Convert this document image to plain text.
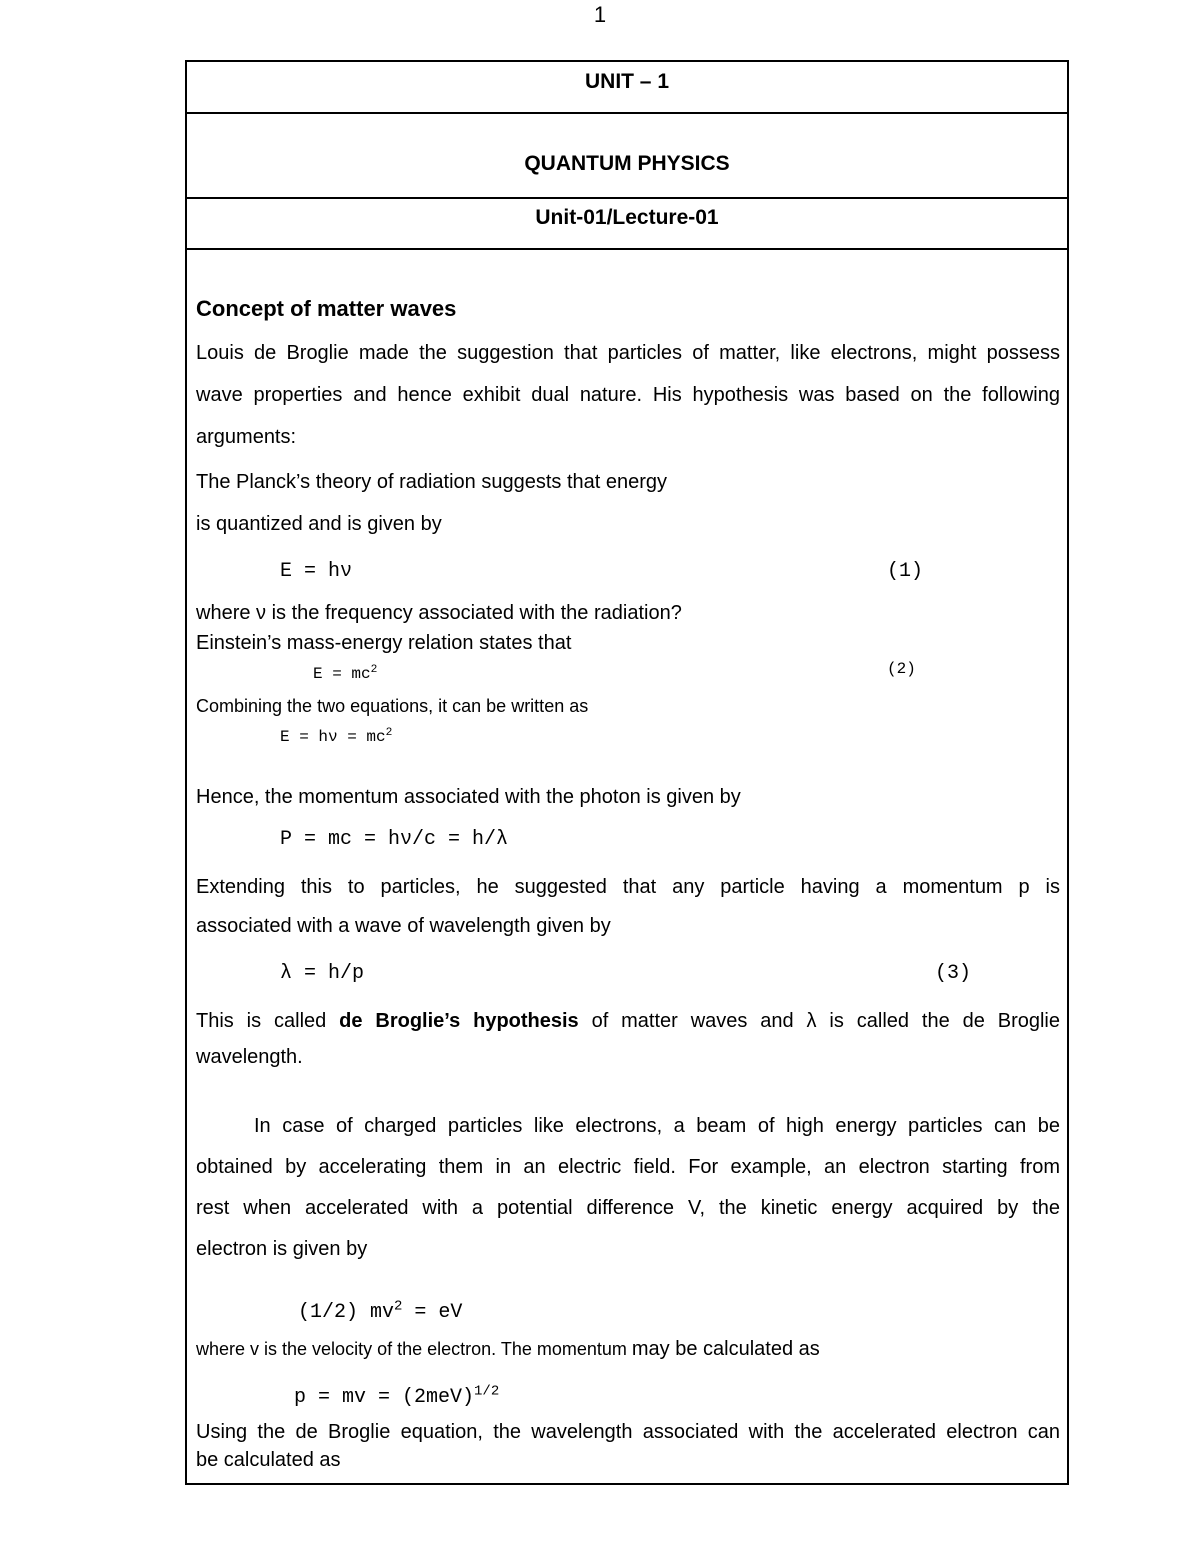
1
UNIT – 1
QUANTUM PHYSICS
Unit-01/Lecture-01
Concept of matter waves
Louis de Broglie made the suggestion that particles of matter, like electrons, might possess
wave properties and hence exhibit dual nature. His hypothesis was based on the following
arguments:
The Planck’s theory of radiation suggests that energy
is quantized and is given by
E = hν	(1)
where ν is the frequency associated with the radiation?
Einstein’s mass-energy relation states that
$E = mc^2$	(2)
Combining the two equations, it can be written as
$E = h\nu = mc^2$
Hence, the momentum associated with the photon is given by
P = mc = hν/c = h/λ
Extending this to particles, he suggested that any particle having a momentum p is
associated with a wave of wavelength given by
λ = h/p	(3)
This is called de Broglie’s hypothesis of matter waves and λ is called the de Broglie
wavelength.
In case of charged particles like electrons, a beam of high energy particles can be
obtained by accelerating them in an electric field. For example, an electron starting from
rest when accelerated with a potential difference V, the kinetic energy acquired by the
electron is given by
(1/2) $mv^2$ = eV
where v is the velocity of the electron. The momentum may be calculated as
p = mv = $(2meV)^{1/2}$
Using the de Broglie equation, the wavelength associated with the accelerated electron can
be calculated as
